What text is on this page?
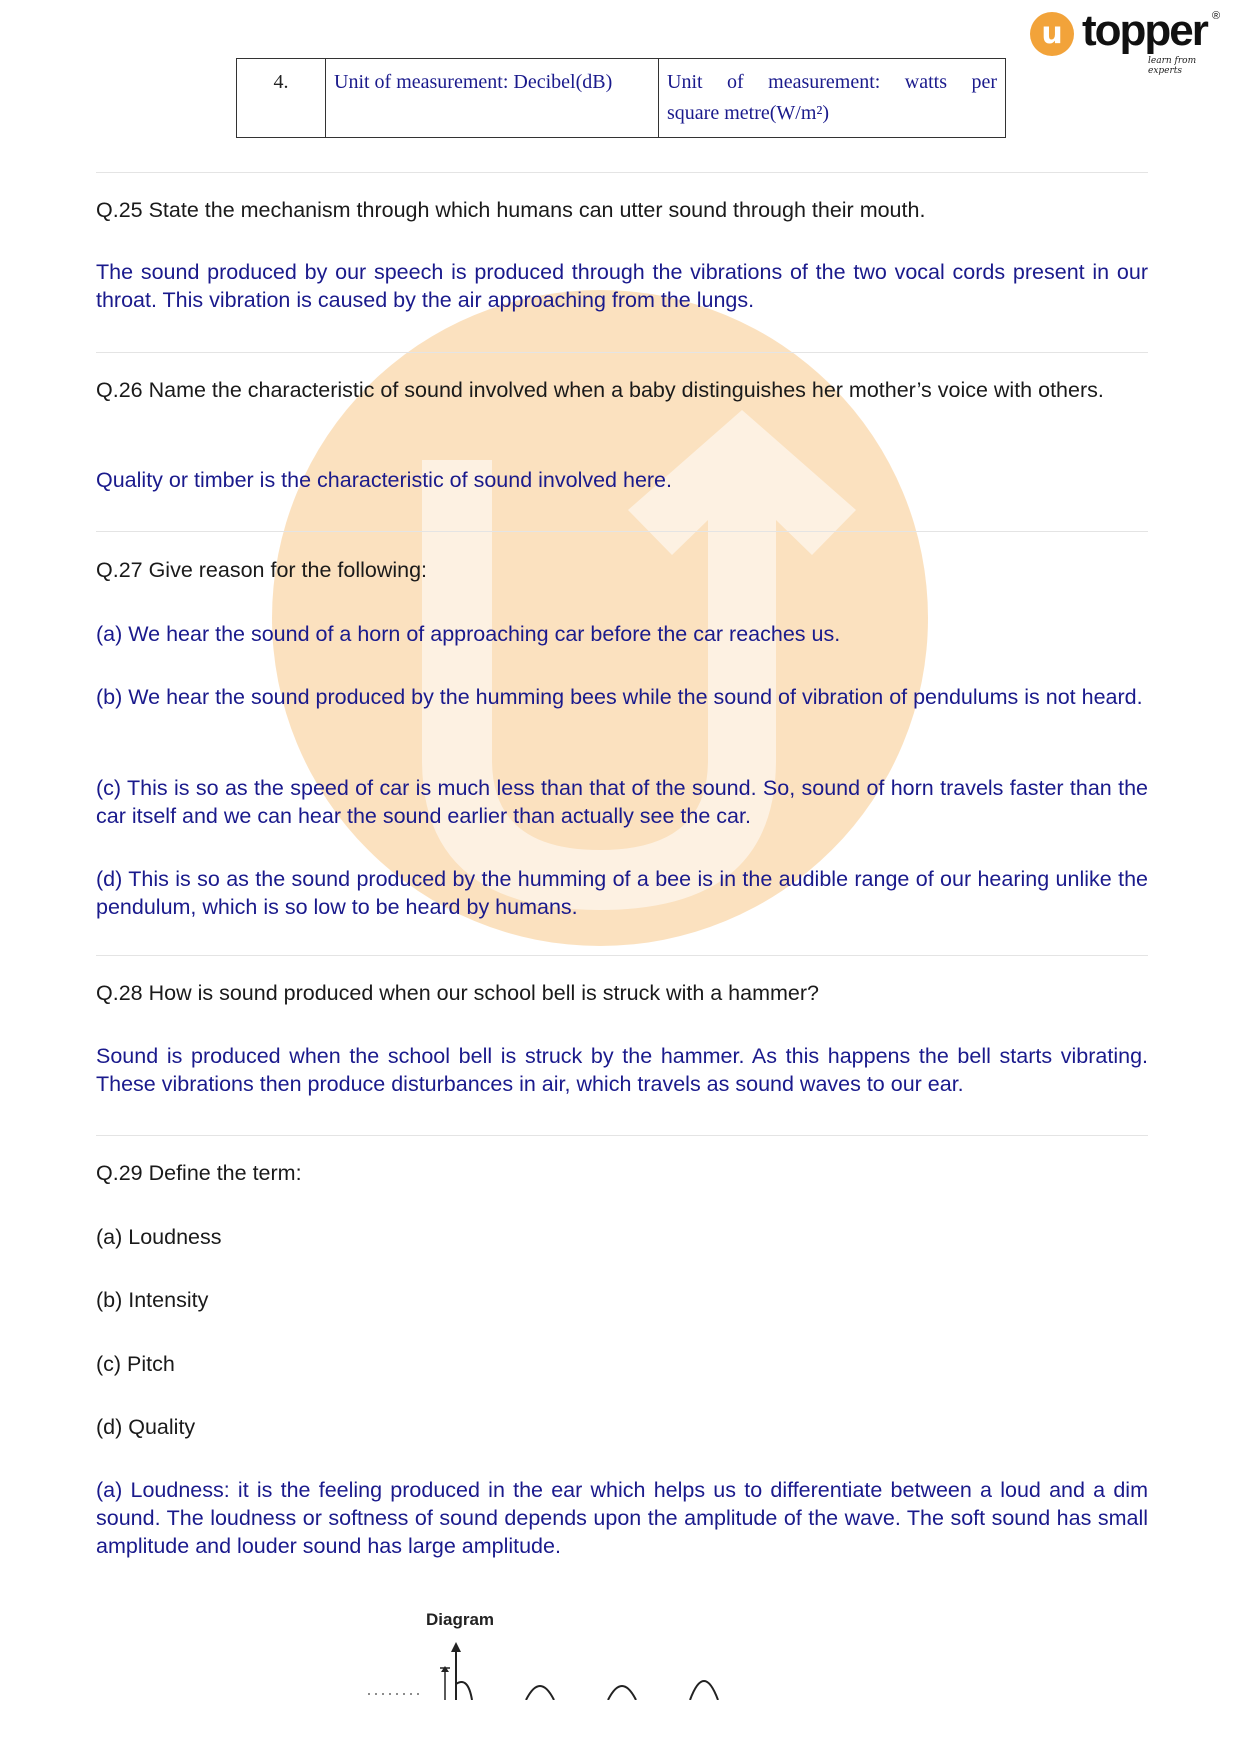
u topper
learn from experts
®
4.	Unit of measurement: Decibel(dB)	Unit of measurement: watts per
square metre(W/m²)
Q.25 State the mechanism through which humans can utter sound through their mouth.
The sound produced by our speech is produced through the vibrations of the two vocal cords present in our throat. This vibration is caused by the air approaching from the lungs.
Q.26 Name the characteristic of sound involved when a baby distinguishes her mother’s voice with others.
Quality or timber is the characteristic of sound involved here.
Q.27 Give reason for the following:
(a) We hear the sound of a horn of approaching car before the car reaches us.
(b) We hear the sound produced by the humming bees while the sound of vibration of pendulums is not heard.
(c) This is so as the speed of car is much less than that of the sound. So, sound of horn travels faster than the car itself and we can hear the sound earlier than actually see the car.
(d) This is so as the sound produced by the humming of a bee is in the audible range of our hearing unlike the pendulum, which is so low to be heard by humans.
Q.28 How is sound produced when our school bell is struck with a hammer?
Sound is produced when the school bell is struck by the hammer. As this happens the bell starts vibrating. These vibrations then produce disturbances in air, which travels as sound waves to our ear.
Q.29 Define the term:
(a) Loudness
(b) Intensity
(c) Pitch
(d) Quality
(a) Loudness: it is the feeling produced in the ear which helps us to differentiate between a loud and a dim sound. The loudness or softness of sound depends upon the amplitude of the wave. The soft sound has small amplitude and louder sound has large amplitude.
Diagram
